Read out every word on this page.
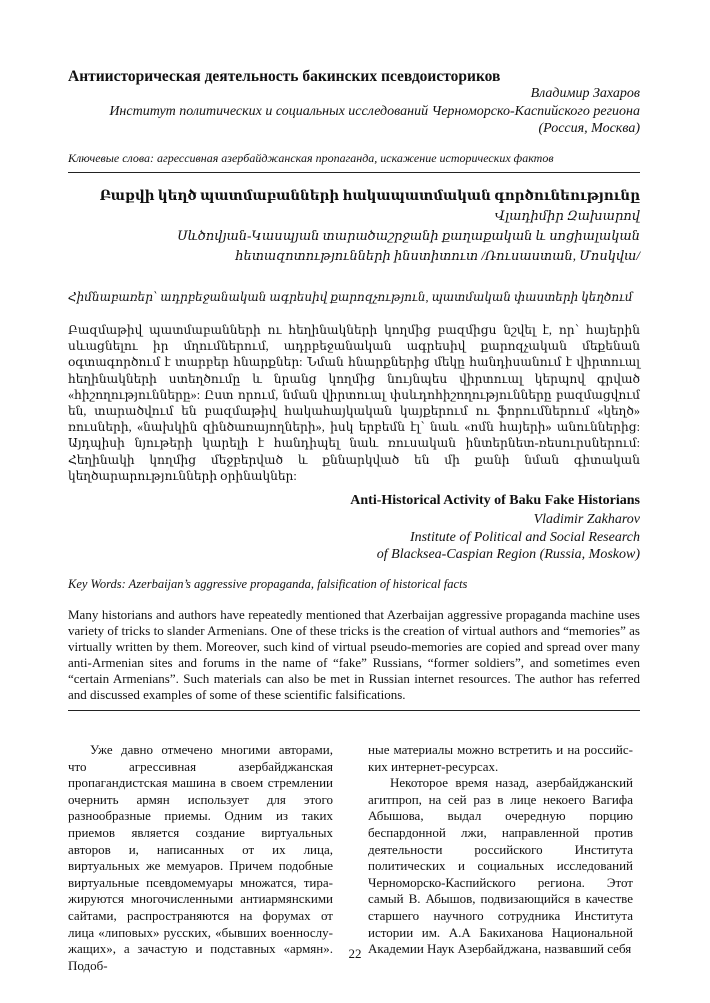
Антиисторическая деятельность бакинских псевдоисториков
Владимир Захаров
Институт политических и социальных исследований Черноморско-Каспийского региона
(Россия, Москва)
Ключевые слова: агрессивная азербайджанская пропаганда, искажение исторических фактов
Բաքվի կեղծ պատմաբանների հակապատմական գործունեությունը
Վլադիմիր Զախարով
Սևծովյան-Կասպյան տարածաշրջանի քաղաքական և սոցիալական
հետազոտությունների ինստիտուտ /Ռուսաստան, Մոսկվա/
Հիմնաբառեր՝ ադրբեջանական ագրեսիվ քարոզչություն, պատմական փաստերի կեղծում
Բազմաթիվ պատմաբանների ու հեղինակների կողմից բազմիցս նշվել է, որ՝ հայերին սևացնելու իր մղումներում, ադրբեջանական ագրեսիվ քարոզչական մեքենան օգտագործում է տարբեր հնարքներ: Նման հնարքներից մեկը հանդիսանում է վիրտուալ հեղինակների ստեղծումը և նրանց կողմից նույնպես վիրտուալ կերպով գրված «հիշողությունները»: Ըստ որում, նման վիրտուալ փսևդոհիշողությունները բազմացվում են, տարածվում են բազմաթիվ հակահայկական կայքերում ու ֆորումներում «կեղծ» ռուսների, «նախկին զինծառայողների», իսկ երբեմն էլ՝ նաև «ոմն հայերի» անուններից: Այդպիսի նյութերի կարելի է հանդիպել նաև ռուսական ինտերնետ-ռեսուրսներում: Հեղինակի կողմից մեջբերված և քննարկված են մի քանի նման գիտական կեղծարարությունների օրինակներ:
Anti-Historical Activity of Baku Fake Historians
Vladimir Zakharov
Institute of Political and Social Research
of Blacksea-Caspian Region (Russia, Moskow)
Key Words: Azerbaijan’s aggressive propaganda, falsification of historical facts
Many historians and authors have repeatedly mentioned that Azerbaijan aggressive propaganda machine uses variety of tricks to slander Armenians. One of these tricks is the creation of virtual authors and “memories” as virtually written by them. Moreover, such kind of virtual pseudo-memories are copied and spread over many anti-Armenian sites and forums in the name of “fake” Russians, “former soldiers”, and sometimes even “certain Armenians”. Such materials can also be met in Russian internet resources. The author has referred and discussed examples of some of these scientific falsifications.

Уже давно отмечено многими авторами, что агрессивная азербайджанская пропагандистская машина в своем стремлении очернить армян использует для этого разнообразные приемы. Одним из таких приемов является создание виртуальных авторов и, написанных от их лица, виртуальных же мемуаров. Причем подобные виртуальные псевдомемуары множатся, тиражируются многочисленными антиармянскими сайтами, распространяются на форумах от лица «липовых» русских, «бывших военнослужащих», а зачастую и подставных «армян». Подоб-

ные материалы можно встретить и на российских интернет-ресурсах.

Некоторое время назад, азербайджанский агитпроп, на сей раз в лице некоего Вагифа Абышова, выдал очередную порцию беспардонной лжи, направленной против деятельности российского Института политических и социальных исследований Черноморско-Каспийского региона. Этот самый В. Абышов, подвизающийся в качестве старшего научного сотрудника Института истории им. А.А Бакиханова Национальной Академии Наук Азербайджана, назвавший себя

22
